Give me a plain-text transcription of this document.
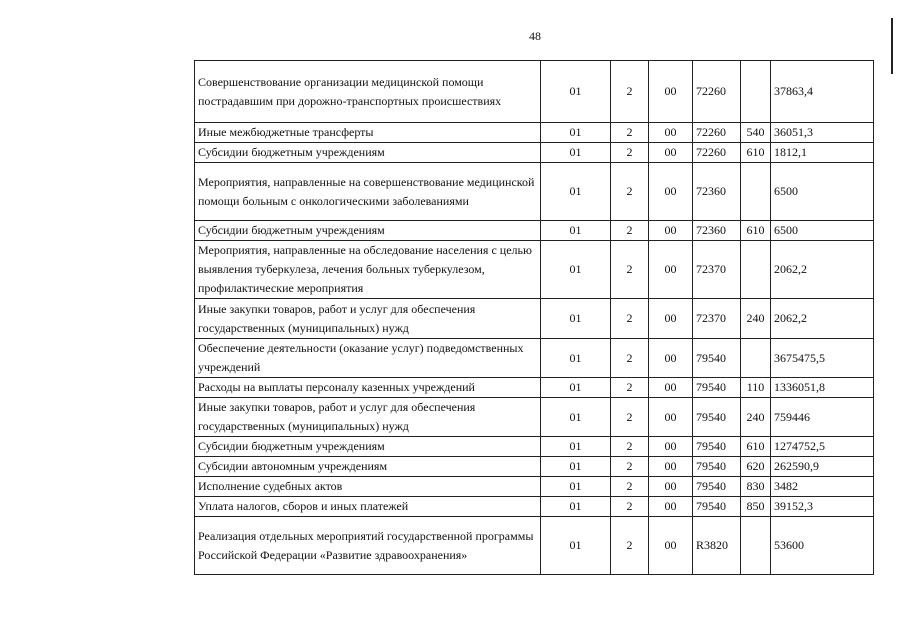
48
Совершенствование организации медицинской помощи пострадавшим при дорожно-транспортных происшествиях	01	2	00	72260		37863,4
Иные межбюджетные трансферты	01	2	00	72260	540	36051,3
Субсидии бюджетным учреждениям	01	2	00	72260	610	1812,1
Мероприятия, направленные на совершенствование медицинской помощи больным с онкологическими заболеваниями	01	2	00	72360		6500
Субсидии бюджетным учреждениям	01	2	00	72360	610	6500
Мероприятия, направленные на обследование населения с целью выявления туберкулеза, лечения больных туберкулезом, профилактические мероприятия	01	2	00	72370		2062,2
Иные закупки товаров, работ и услуг для обеспечения государственных (муниципальных) нужд	01	2	00	72370	240	2062,2
Обеспечение деятельности (оказание услуг) подведомственных учреждений	01	2	00	79540		3675475,5
Расходы на выплаты персоналу казенных учреждений	01	2	00	79540	110	1336051,8
Иные закупки товаров, работ и услуг для обеспечения государственных (муниципальных) нужд	01	2	00	79540	240	759446
Субсидии бюджетным учреждениям	01	2	00	79540	610	1274752,5
Субсидии автономным учреждениям	01	2	00	79540	620	262590,9
Исполнение судебных актов	01	2	00	79540	830	3482
Уплата налогов, сборов и иных платежей	01	2	00	79540	850	39152,3
Реализация отдельных мероприятий государственной программы Российской Федерации «Развитие здравоохранения»	01	2	00	R3820		53600
